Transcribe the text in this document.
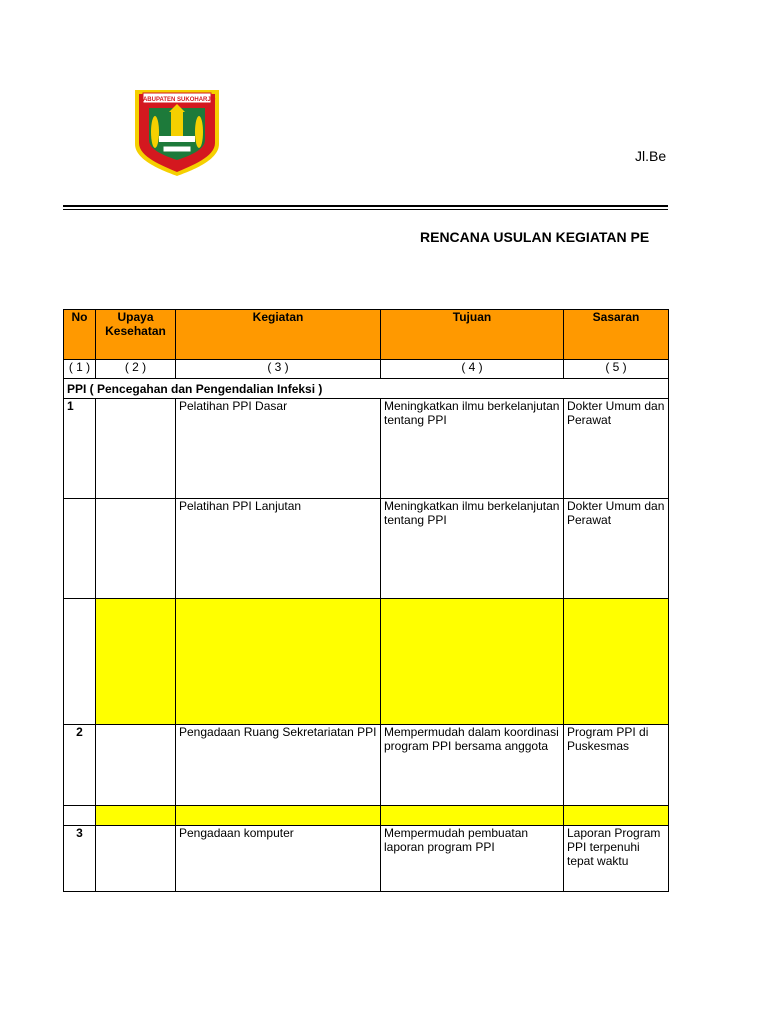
KABUPATEN SUKOHARJO
Jl.Be
RENCANA USULAN KEGIATAN PE
No	Upaya Kesehatan	Kegiatan	Tujuan	Sasaran
( 1 )	( 2 )	( 3 )	( 4 )	( 5 )
PPI ( Pencegahan dan Pengendalian Infeksi )				
1		Pelatihan PPI Dasar	Meningkatkan ilmu berkelanjutan tentang PPI	Dokter Umum dan Perawat
		Pelatihan PPI Lanjutan	Meningkatkan ilmu berkelanjutan tentang PPI	Dokter Umum dan Perawat

2		Pengadaan Ruang Sekretariatan PPI	Mempermudah dalam koordinasi program PPI bersama anggota	Program PPI di Puskesmas

3		Pengadaan komputer	Mempermudah pembuatan laporan program PPI	Laporan Program PPI terpenuhi tepat waktu
